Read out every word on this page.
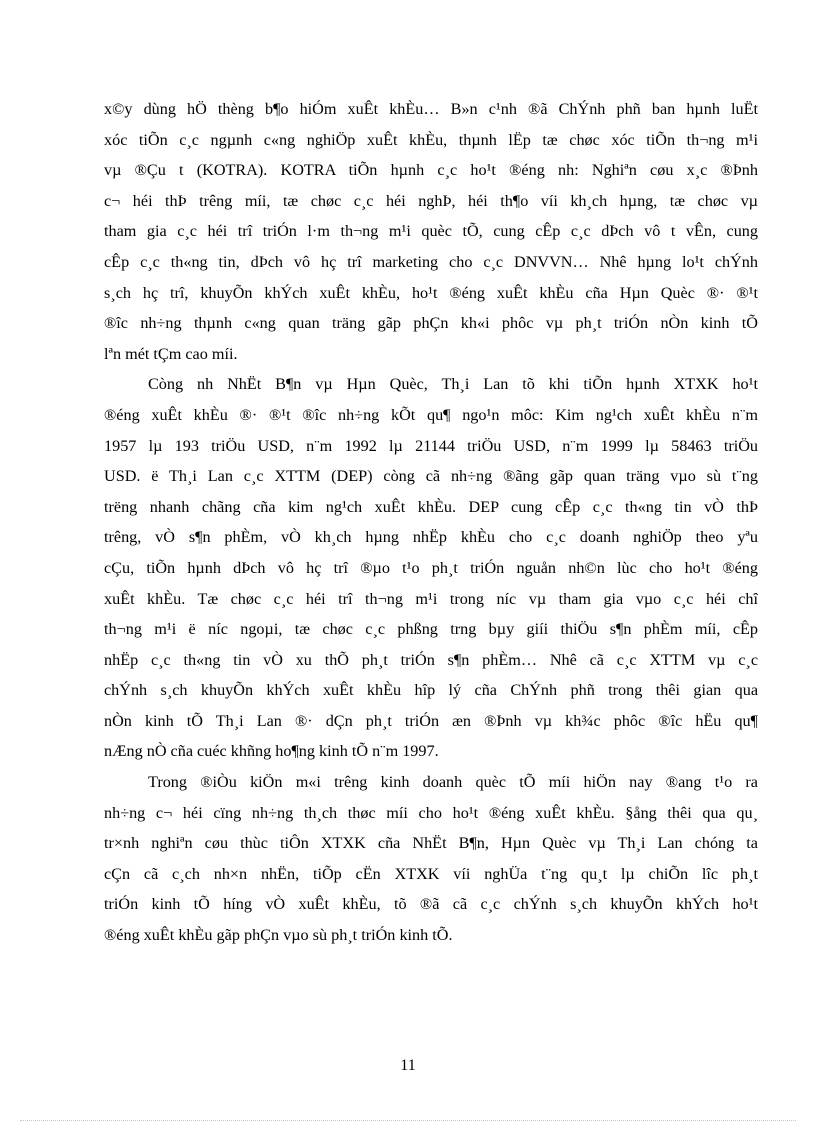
x©y dùng hÖ thèng b¶o hiÓm xuÊt khÈu… B»n c¹nh ®ã ChÝnh phñ ban hµnh luËt
xóc tiÕn c¸c ngµnh c«ng nghiÖp xuÊt khÈu, thµnh lËp tæ chøc xóc tiÕn th¬ng m¹i
vµ ®Çu t (KOTRA). KOTRA tiÕn hµnh c¸c ho¹t ®éng nh: Nghiªn cøu x¸c ®Þnh
c¬ héi thÞ trêng míi, tæ chøc c¸c héi nghÞ, héi th¶o víi kh¸ch hµng, tæ chøc vµ
tham gia c¸c héi trî triÓn l·m th¬ng m¹i quèc tÕ, cung cÊp c¸c dÞch vô t vÊn, cung
cÊp c¸c th«ng tin, dÞch vô hç trî marketing cho c¸c DNVVN… Nhê hµng lo¹t chÝnh
s¸ch hç trî, khuyÕn khÝch xuÊt khÈu, ho¹t ®éng xuÊt khÈu cña Hµn Quèc ®· ®¹t
®îc nh÷ng thµnh c«ng quan träng gãp phÇn kh«i phôc vµ ph¸t triÓn nÒn kinh tÕ
lªn mét tÇm cao míi.
Còng nh NhËt B¶n vµ Hµn Quèc, Th¸i Lan tõ khi tiÕn hµnh XTXK ho¹t
®éng xuÊt khÈu ®· ®¹t ®îc nh÷ng kÕt qu¶ ngo¹n môc: Kim ng¹ch xuÊt khÈu n¨m
1957 lµ 193 triÖu USD, n¨m 1992 lµ 21144 triÖu USD, n¨m 1999 lµ 58463 triÖu
USD. ë Th¸i Lan c¸c XTTM (DEP) còng cã nh÷ng ®ãng gãp quan träng vµo sù t¨ng
trëng nhanh chãng cña kim ng¹ch xuÊt khÈu. DEP cung cÊp c¸c th«ng tin vÒ thÞ
trêng, vÒ s¶n phÈm, vÒ kh¸ch hµng nhËp khÈu cho c¸c doanh nghiÖp theo yªu
cÇu, tiÕn hµnh dÞch vô hç trî ®µo t¹o ph¸t triÓn nguån nh©n lùc cho ho¹t ®éng
xuÊt khÈu. Tæ chøc c¸c héi trî th¬ng m¹i trong níc vµ tham gia vµo c¸c héi chî
th¬ng m¹i ë níc ngoµi, tæ chøc c¸c phßng trng bµy giíi thiÖu s¶n phÈm míi, cÊp
nhËp c¸c th«ng tin vÒ xu thÕ ph¸t triÓn s¶n phÈm… Nhê cã c¸c XTTM vµ c¸c
chÝnh s¸ch khuyÕn khÝch xuÊt khÈu hîp lý cña ChÝnh phñ trong thêi gian qua
nÒn kinh tÕ Th¸i Lan ®· dÇn ph¸t triÓn æn ®Þnh vµ kh¾c phôc ®îc hËu qu¶
nÆng nÒ cña cuéc khñng ho¶ng kinh tÕ n¨m 1997.
Trong ®iÒu kiÖn m«i trêng kinh doanh quèc tÕ míi hiÖn nay ®ang t¹o ra
nh÷ng c¬ héi cïng nh÷ng th¸ch thøc míi cho ho¹t ®éng xuÊt khÈu. §ång thêi qua qu¸
tr×nh nghiªn cøu thùc tiÔn XTXK cña NhËt B¶n, Hµn Quèc vµ Th¸i Lan chóng ta
cÇn cã c¸ch nh×n nhËn, tiÕp cËn XTXK víi nghÜa t¨ng qu¸t lµ chiÕn lîc ph¸t
triÓn kinh tÕ híng vÒ xuÊt khÈu, tõ ®ã cã c¸c chÝnh s¸ch khuyÕn khÝch ho¹t
®éng xuÊt khÈu gãp phÇn vµo sù ph¸t triÓn kinh tÕ.
11
